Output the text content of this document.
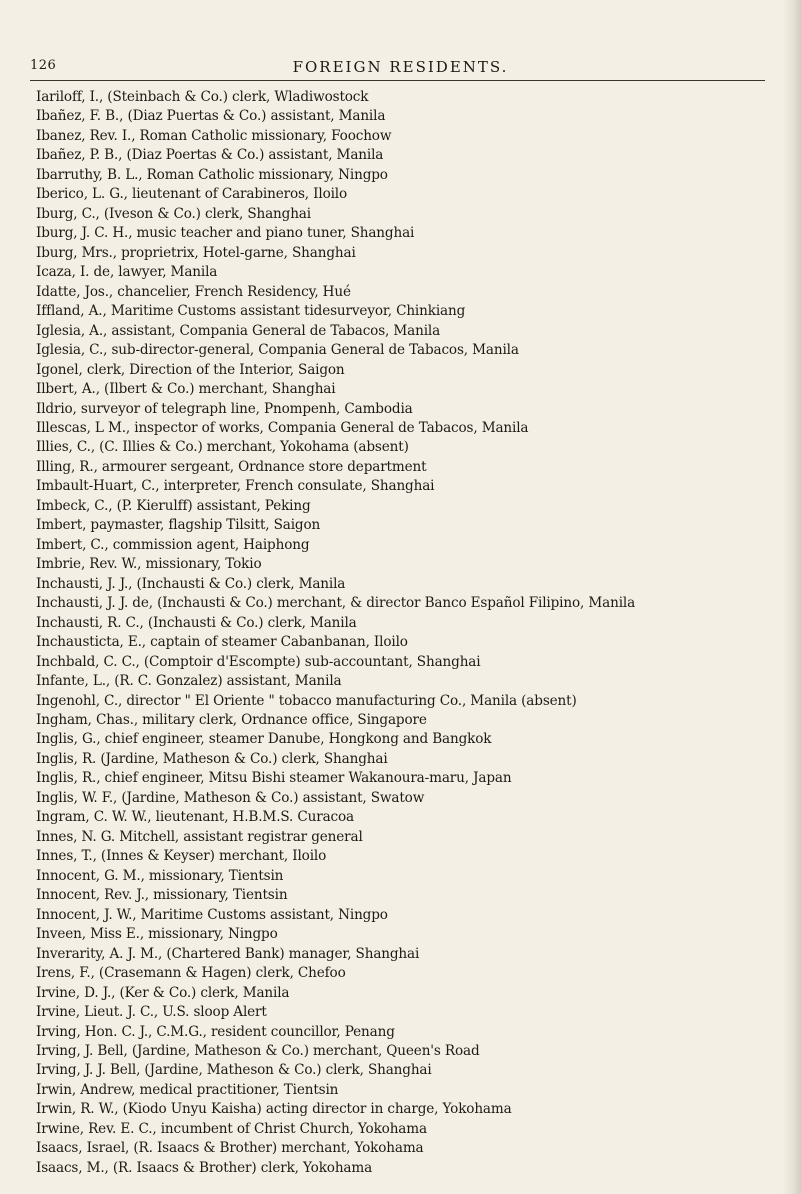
126	FOREIGN RESIDENTS.
Iariloff, I., (Steinbach & Co.) clerk, Wladiwostock
Ibañez, F. B., (Diaz Puertas & Co.) assistant, Manila
Ibanez, Rev. I., Roman Catholic missionary, Foochow
Ibañez, P. B., (Diaz Poertas & Co.) assistant, Manila
Ibarruthy, B. L., Roman Catholic missionary, Ningpo
Iberico, L. G., lieutenant of Carabineros, Iloilo
Iburg, C., (Iveson & Co.) clerk, Shanghai
Iburg, J. C. H., music teacher and piano tuner, Shanghai
Iburg, Mrs., proprietrix, Hotel-garne, Shanghai
Icaza, I. de, lawyer, Manila
Idatte, Jos., chancelier, French Residency, Hué
Iffland, A., Maritime Customs assistant tidesurveyor, Chinkiang
Iglesia, A., assistant, Compania General de Tabacos, Manila
Iglesia, C., sub-director-general, Compania General de Tabacos, Manila
Igonel, clerk, Direction of the Interior, Saigon
Ilbert, A., (Ilbert & Co.) merchant, Shanghai
Ildrio, surveyor of telegraph line, Pnompenh, Cambodia
Illescas, L M., inspector of works, Compania General de Tabacos, Manila
Illies, C., (C. Illies & Co.) merchant, Yokohama (absent)
Illing, R., armourer sergeant, Ordnance store department
Imbault-Huart, C., interpreter, French consulate, Shanghai
Imbeck, C., (P. Kierulff) assistant, Peking
Imbert, paymaster, flagship Tilsitt, Saigon
Imbert, C., commission agent, Haiphong
Imbrie, Rev. W., missionary, Tokio
Inchausti, J. J., (Inchausti & Co.) clerk, Manila
Inchausti, J. J. de, (Inchausti & Co.) merchant, & director Banco Español Filipino, Manila
Inchausti, R. C., (Inchausti & Co.) clerk, Manila
Inchausticta, E., captain of steamer Cabanbanan, Iloilo
Inchbald, C. C., (Comptoir d'Escompte) sub-accountant, Shanghai
Infante, L., (R. C. Gonzalez) assistant, Manila
Ingenohl, C., director " El Oriente " tobacco manufacturing Co., Manila (absent)
Ingham, Chas., military clerk, Ordnance office, Singapore
Inglis, G., chief engineer, steamer Danube, Hongkong and Bangkok
Inglis, R. (Jardine, Matheson & Co.) clerk, Shanghai
Inglis, R., chief engineer, Mitsu Bishi steamer Wakanoura-maru, Japan
Inglis, W. F., (Jardine, Matheson & Co.) assistant, Swatow
Ingram, C. W. W., lieutenant, H.B.M.S. Curacoa
Innes, N. G. Mitchell, assistant registrar general
Innes, T., (Innes & Keyser) merchant, Iloilo
Innocent, G. M., missionary, Tientsin
Innocent, Rev. J., missionary, Tientsin
Innocent, J. W., Maritime Customs assistant, Ningpo
Inveen, Miss E., missionary, Ningpo
Inverarity, A. J. M., (Chartered Bank) manager, Shanghai
Irens, F., (Crasemann & Hagen) clerk, Chefoo
Irvine, D. J., (Ker & Co.) clerk, Manila
Irvine, Lieut. J. C., U.S. sloop Alert
Irving, Hon. C. J., C.M.G., resident councillor, Penang
Irving, J. Bell, (Jardine, Matheson & Co.) merchant, Queen's Road
Irving, J. J. Bell, (Jardine, Matheson & Co.) clerk, Shanghai
Irwin, Andrew, medical practitioner, Tientsin
Irwin, R. W., (Kiodo Unyu Kaisha) acting director in charge, Yokohama
Irwine, Rev. E. C., incumbent of Christ Church, Yokohama
Isaacs, Israel, (R. Isaacs & Brother) merchant, Yokohama
Isaacs, M., (R. Isaacs & Brother) clerk, Yokohama
